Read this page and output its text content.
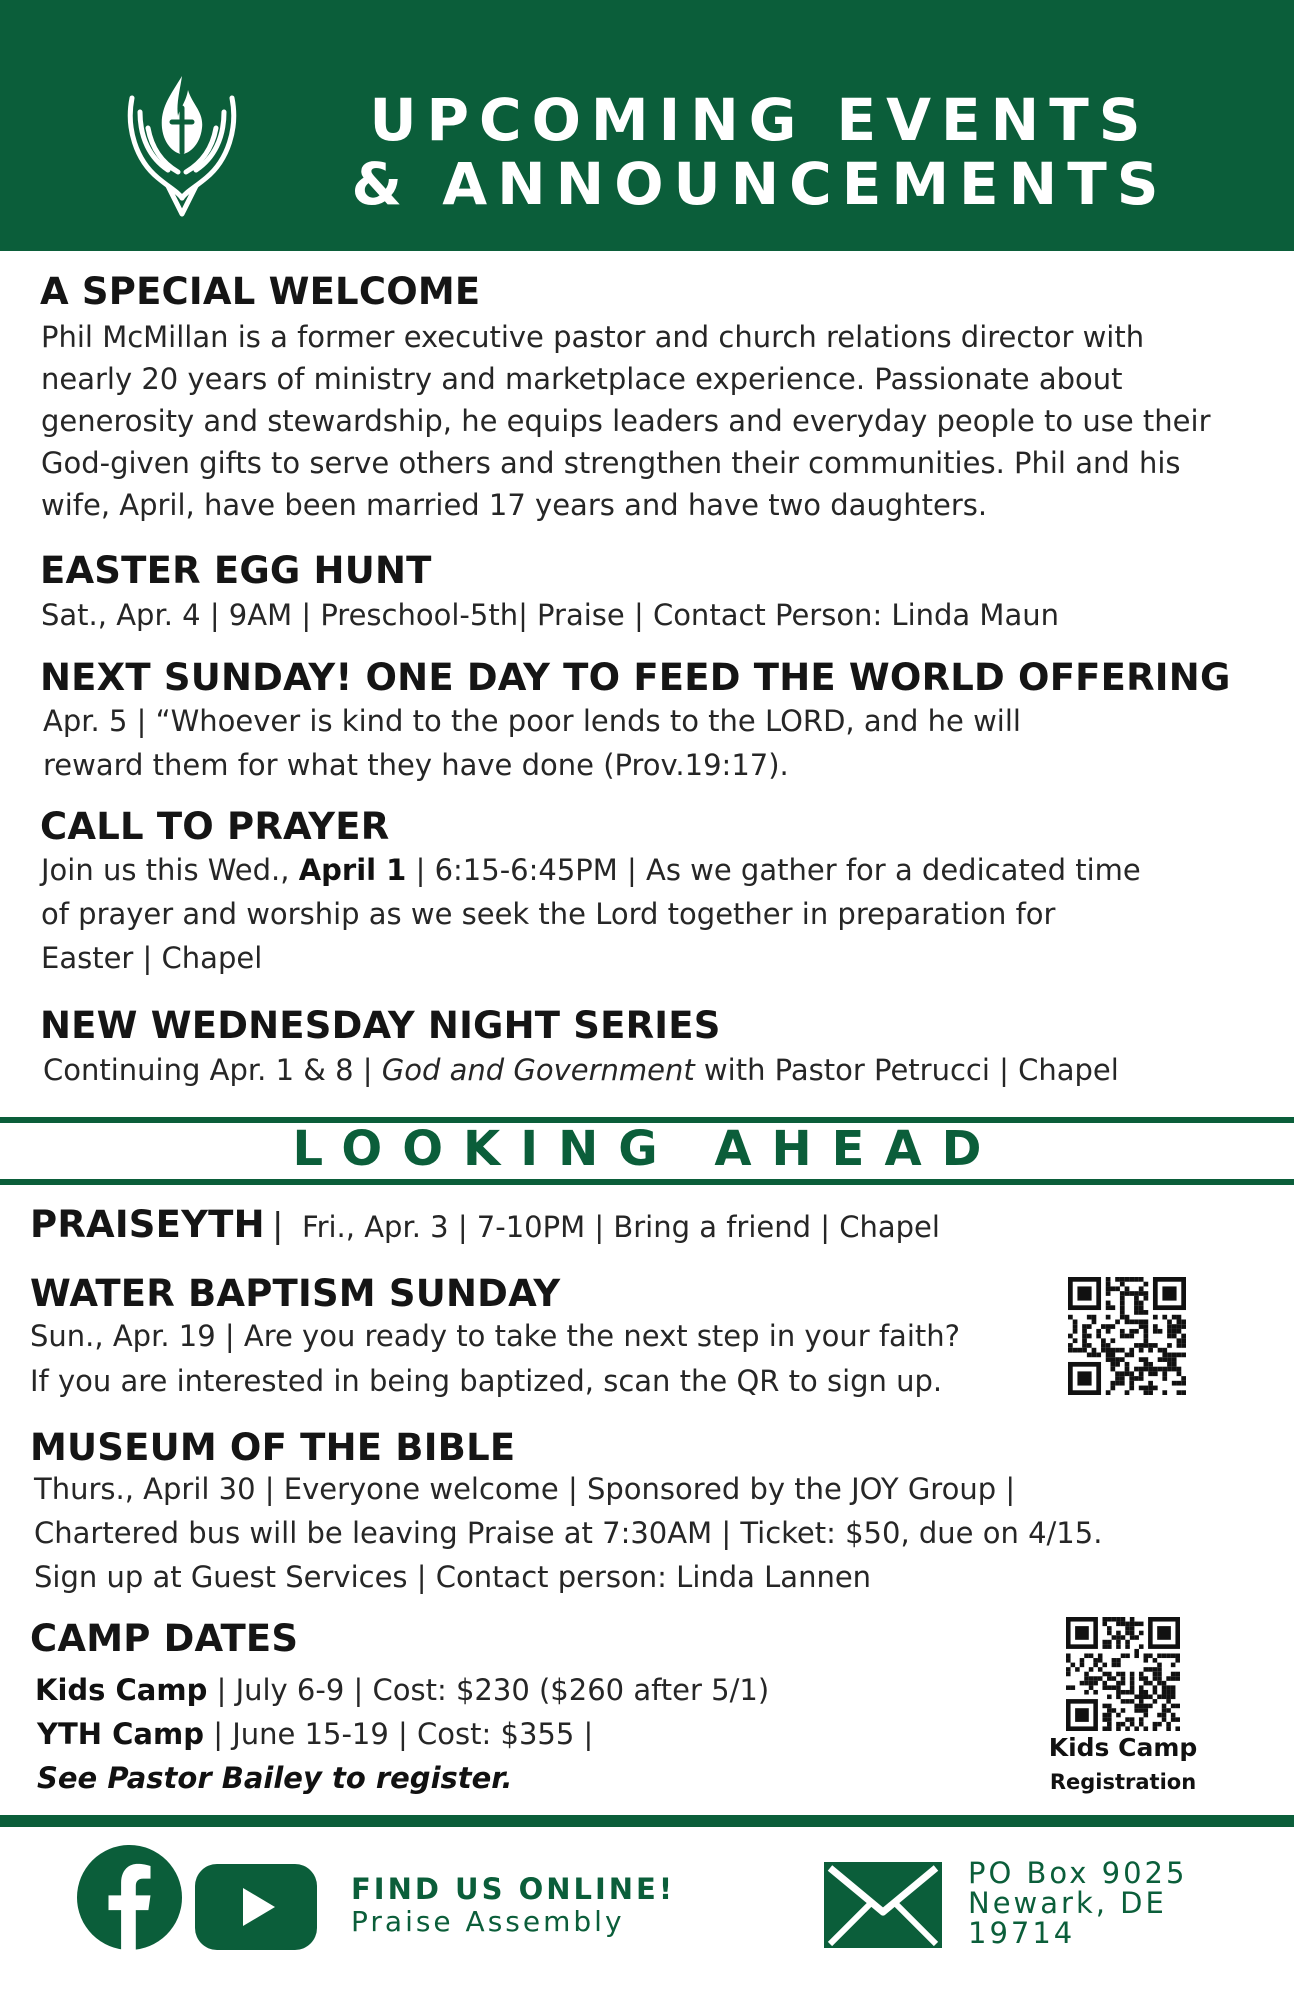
UPCOMING EVENTS
& ANNOUNCEMENTS
A SPECIAL WELCOME
Phil McMillan is a former executive pastor and church relations director with
nearly 20 years of ministry and marketplace experience. Passionate about
generosity and stewardship, he equips leaders and everyday people to use their
God-given gifts to serve others and strengthen their communities. Phil and his
wife, April, have been married 17 years and have two daughters.
EASTER EGG HUNT
Sat., Apr. 4 | 9AM | Preschool-5th| Praise | Contact Person: Linda Maun
NEXT SUNDAY! ONE DAY TO FEED THE WORLD OFFERING
Apr. 5 | “Whoever is kind to the poor lends to the LORD, and he will
reward them for what they have done (Prov.19:17).
CALL TO PRAYER
Join us this Wed., April 1 | 6:15-6:45PM | As we gather for a dedicated time
of prayer and worship as we seek the Lord together in preparation for
Easter | Chapel
NEW WEDNESDAY NIGHT SERIES
Continuing Apr. 1 & 8 | God and Government with Pastor Petrucci | Chapel
LOOKING AHEAD
PRAISEYTH | Fri., Apr. 3 | 7-10PM | Bring a friend | Chapel
WATER BAPTISM SUNDAY
Sun., Apr. 19 | Are you ready to take the next step in your faith?
If you are interested in being baptized, scan the QR to sign up.
MUSEUM OF THE BIBLE
Thurs., April 30 | Everyone welcome | Sponsored by the JOY Group |
Chartered bus will be leaving Praise at 7:30AM | Ticket: $50, due on 4/15.
Sign up at Guest Services | Contact person: Linda Lannen
CAMP DATES
Kids Camp | July 6-9 | Cost: $230 ($260 after 5/1)
YTH Camp | June 15-19 | Cost: $355 |
See Pastor Bailey to register.
Kids Camp
Registration
FIND US ONLINE!
Praise Assembly
PO Box 9025
Newark, DE
19714
